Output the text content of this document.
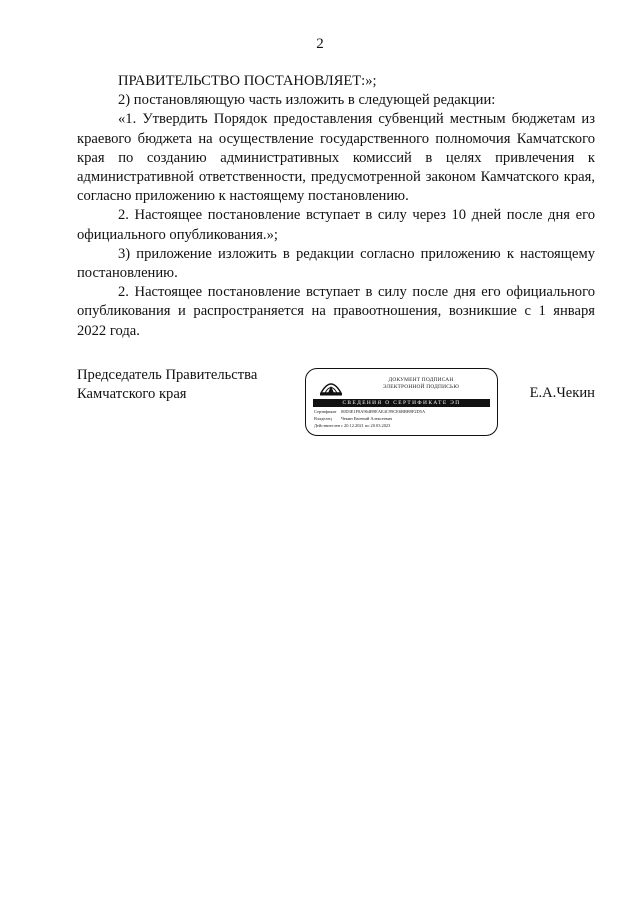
2

ПРАВИТЕЛЬСТВО ПОСТАНОВЛЯЕТ:»;

2) постановляющую часть изложить в следующей редакции:

«1. Утвердить Порядок предоставления субвенций местным бюджетам из краевого бюджета на осуществление государственного полномочия Камчатского края по созданию административных комиссий в целях привлечения к административной ответственности, предусмотренной законом Камчатского края, согласно приложению к настоящему постановлению.

2. Настоящее постановление вступает в силу через 10 дней после дня его официального опубликования.»;

3) приложение изложить в редакции согласно приложению к настоящему постановлению.

2. Настоящее постановление вступает в силу после дня его официального опубликования и распространяется на правоотношения, возникшие с 1 января 2022 года.

Председатель Правительства
Камчатского края	Е.А.Чекин
ДОКУМЕНТ ПОДПИСАН
ЭЛЕКТРОННОЙ ПОДПИСЬЮ
СВЕДЕНИЯ О СЕРТИФИКАТЕ ЭП
Сертификат 00D3E1F8A964B9EAE4C99CE6BBB9F2D5A
Владелец Чекин Евгений Алексеевич
Действителенс 20.12.2021 по 20.03.2023
